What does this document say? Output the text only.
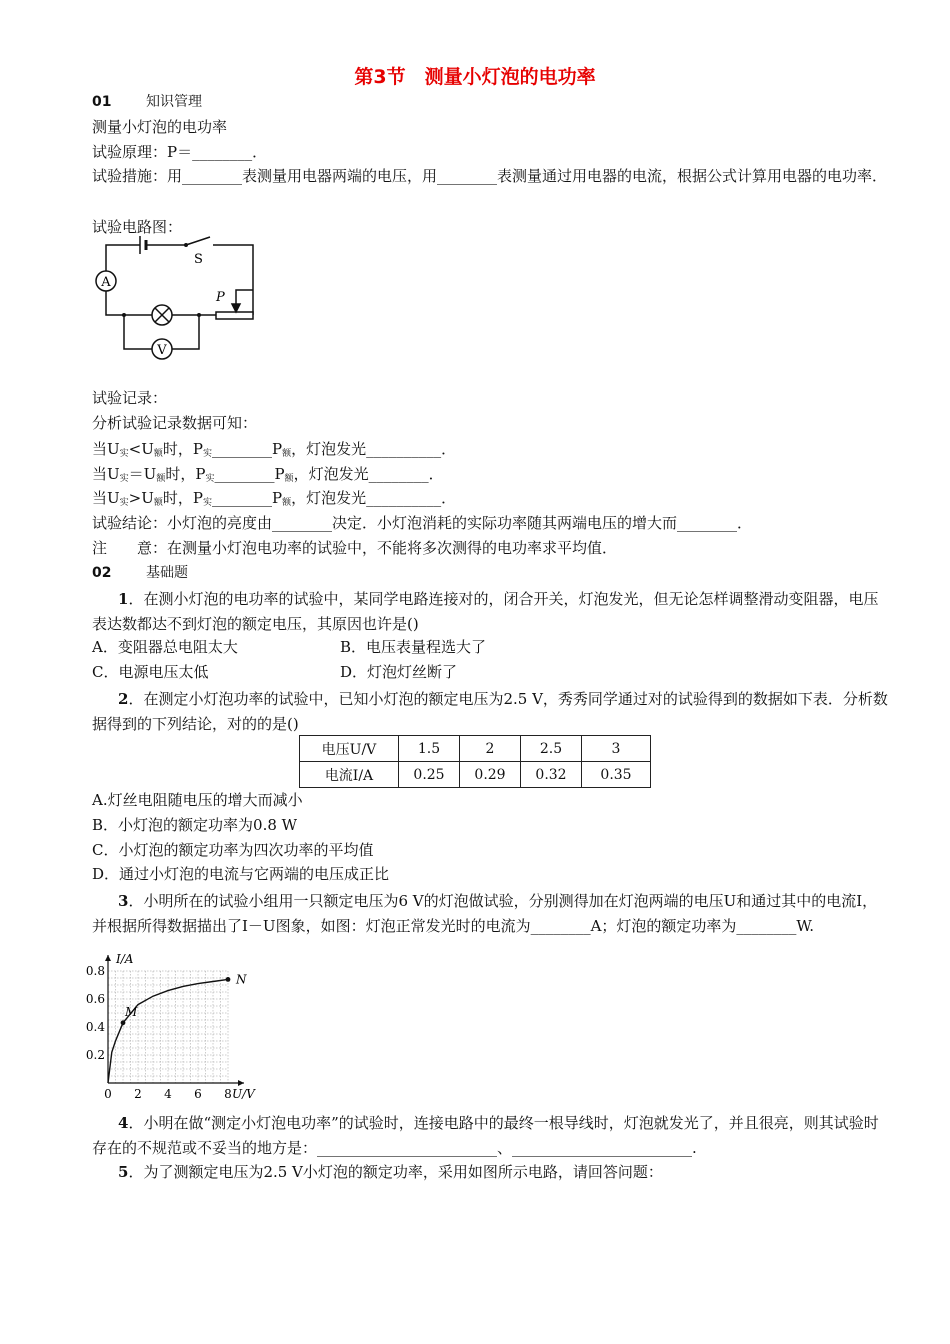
第3节　测量小灯泡的电功率
01 知识管理
测量小灯泡的电功率
试验原理：P＝________．
试验措施：用________表测量用电器两端的电压，用________表测量通过用电器的电流，根据公式计算用电器的电功率．
试验电路图：
A
V
S
P
试验记录：
分析试验记录数据可知：
当$U_实<U_额$时，$P_实\_\_\_\_\_\_\_\_P_额$，灯泡发光__________．
当$U_实=U_额$时，$P_实\_\_\_\_\_\_\_\_P_额$，灯泡发光________．
当$U_实>U_额$时，$P_实\_\_\_\_\_\_\_\_P_额$，灯泡发光__________．
试验结论：小灯泡的亮度由________决定．小灯泡消耗的实际功率随其两端电压的增大而________．
注　　意：在测量小灯泡电功率的试验中，不能将多次测得的电功率求平均值．
02 基础题
1．在测小灯泡的电功率的试验中，某同学电路连接对的，闭合开关，灯泡发光，但无论怎样调整滑动变阻器，电压表达数都达不到灯泡的额定电压，其原因也许是()
A．变阻器总电阻太大	B．电压表量程选大了
C．电源电压太低	D．灯泡灯丝断了
2．在测定小灯泡功率的试验中，已知小灯泡的额定电压为2.5 V，秀秀同学通过对的试验得到的数据如下表．分析数据得到的下列结论，对的的是()
电压U/V	1.5	2	2.5	3
电流I/A	0.25	0.29	0.32	0.35
A.灯丝电阻随电压的增大而减小
B．小灯泡的额定功率为0.8 W
C．小灯泡的额定功率为四次功率的平均值
D．通过小灯泡的电流与它两端的电压成正比
3．小明所在的试验小组用一只额定电压为6 V的灯泡做试验，分别测得加在灯泡两端的电压U和通过其中的电流I，并根据所得数据描出了I－U图象，如图：灯泡正常发光时的电流为________A；灯泡的额定功率为________W.
0 2 4 6 8
0.2
0.4
0.6
0.8
I/A
U/V
M
N
4．小明在做“测定小灯泡电功率”的试验时，连接电路中的最终一根导线时，灯泡就发光了，并且很亮，则其试验时存在的不规范或不妥当的地方是：________________________、________________________.
5．为了测额定电压为2.5 V小灯泡的额定功率，采用如图所示电路，请回答问题：
